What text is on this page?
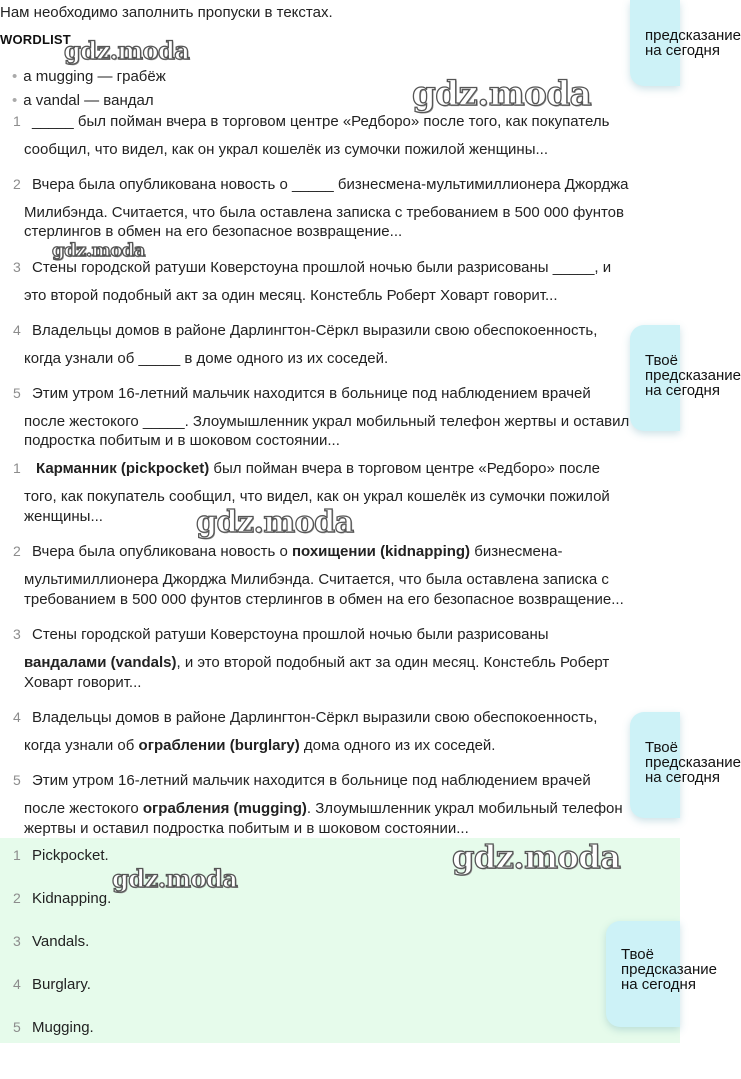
Нам необходимо заполнить пропуски в текстах.
WORDLIST
• a mugging — грабёж
• a vandal — вандал
1 _____ был пойман вчера в торговом центре «Редборо» после того, как покупатель
сообщил, что видел, как он украл кошелёк из сумочки пожилой женщины...
2 Вчера была опубликована новость о _____ бизнесмена-мультимиллионера Джорджа
Милибэнда. Считается, что была оставлена записка с требованием в 500 000 фунтов
стерлингов в обмен на его безопасное возвращение...
3 Стены городской ратуши Коверстоуна прошлой ночью были разрисованы _____, и
это второй подобный акт за один месяц. Констебль Роберт Ховарт говорит...
4 Владельцы домов в районе Дарлингтон-Сёркл выразили свою обеспокоенность,
когда узнали об _____ в доме одного из их соседей.
5 Этим утром 16-летний мальчик находится в больнице под наблюдением врачей
после жестокого _____. Злоумышленник украл мобильный телефон жертвы и оставил
подростка побитым и в шоковом состоянии...
1 Карманник (pickpocket) был пойман вчера в торговом центре «Редборо» после
того, как покупатель сообщил, что видел, как он украл кошелёк из сумочки пожилой
женщины...
2 Вчера была опубликована новость о похищении (kidnapping) бизнесмена-
мультимиллионера Джорджа Милибэнда. Считается, что была оставлена записка с
требованием в 500 000 фунтов стерлингов в обмен на его безопасное возвращение...
3 Стены городской ратуши Коверстоуна прошлой ночью были разрисованы
вандалами (vandals), и это второй подобный акт за один месяц. Констебль Роберт
Ховарт говорит...
4 Владельцы домов в районе Дарлингтон-Сёркл выразили свою обеспокоенность,
когда узнали об ограблении (burglary) дома одного из их соседей.
5 Этим утром 16-летний мальчик находится в больнице под наблюдением врачей
после жестокого ограбления (mugging). Злоумышленник украл мобильный телефон
жертвы и оставил подростка побитым и в шоковом состоянии...
1 Pickpocket.
2 Kidnapping.
3 Vandals.
4 Burglary.
5 Mugging.
предсказание
на сегодня
Твоё
предсказание
на сегодня
Твоё
предсказание
на сегодня
Твоё
предсказание
на сегодня
gdz.moda
gdz.moda
gdz.moda
gdz.moda
gdz.moda
gdz.moda
